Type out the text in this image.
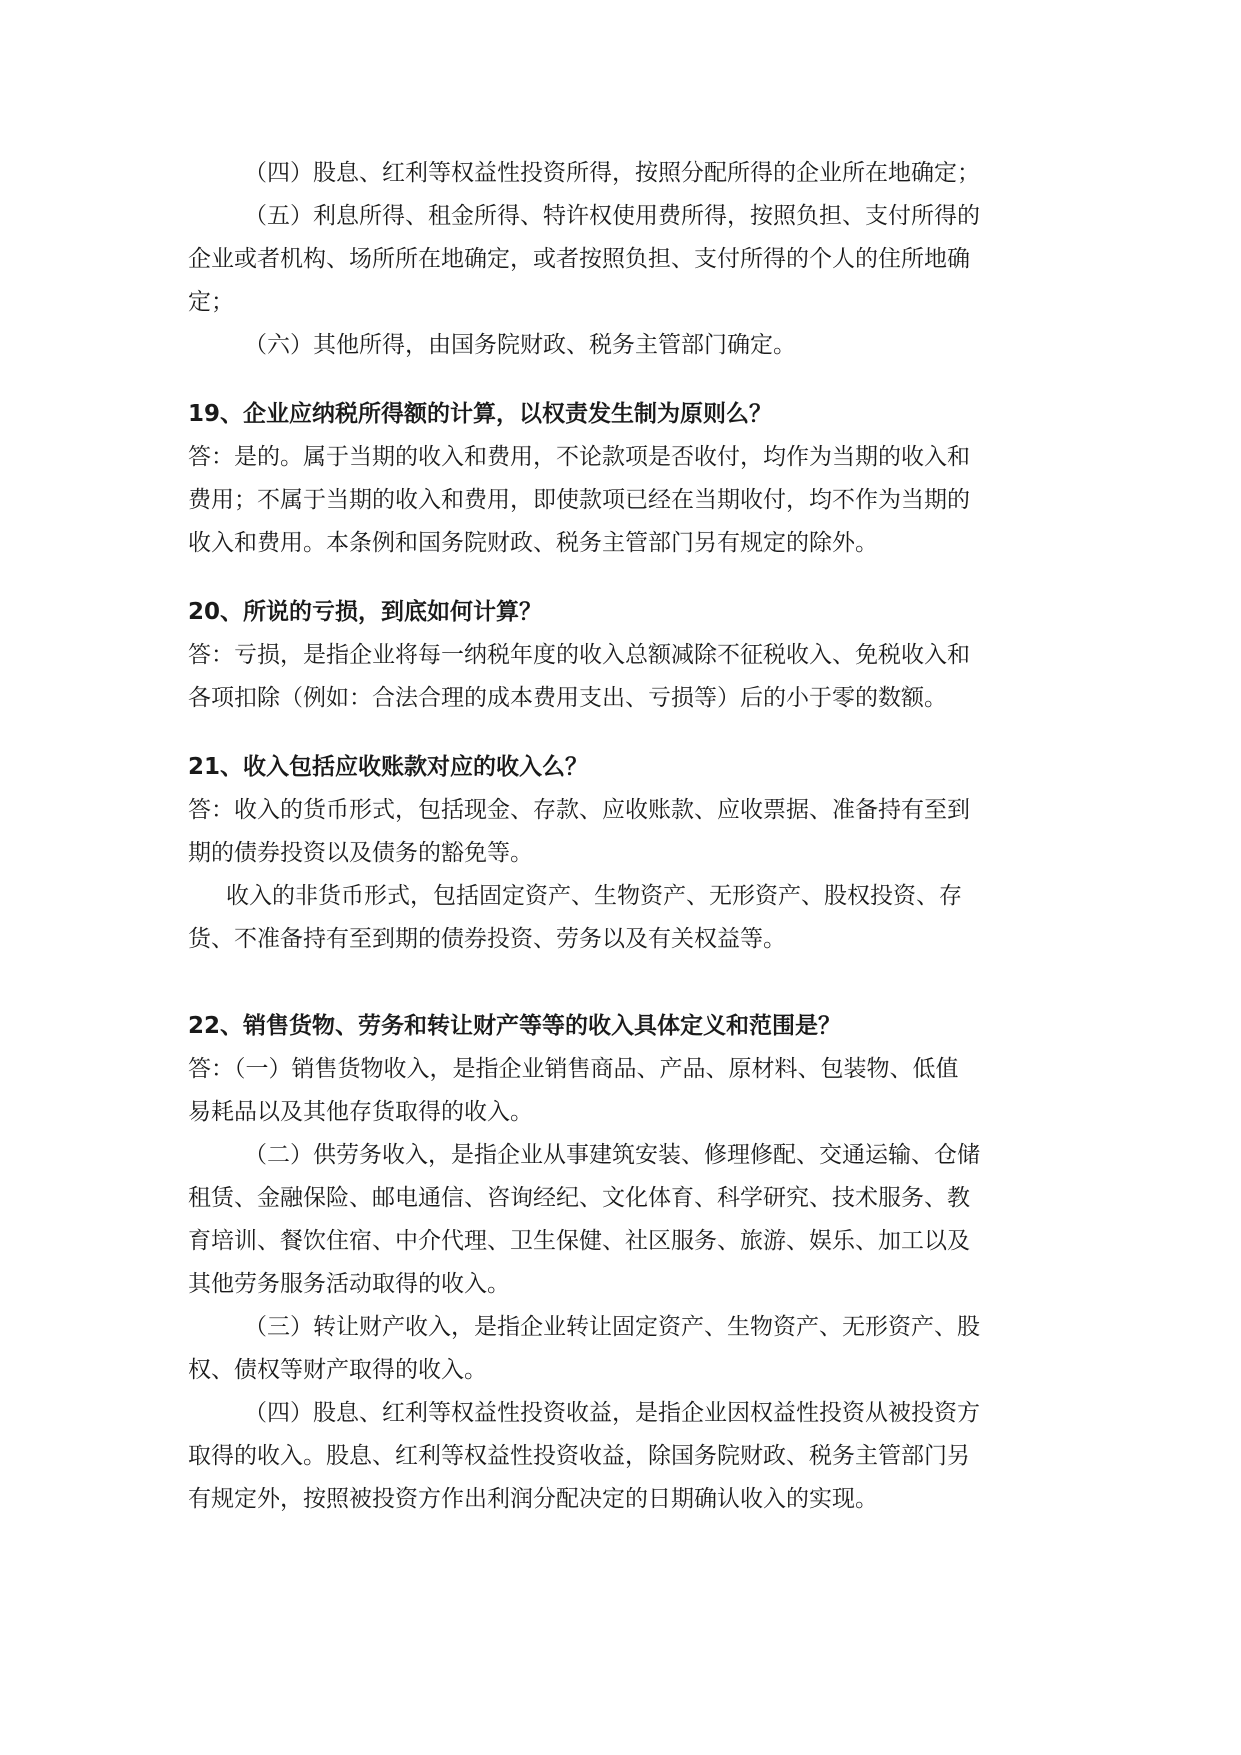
（四）股息、红利等权益性投资所得，按照分配所得的企业所在地确定；
（五）利息所得、租金所得、特许权使用费所得，按照负担、支付所得的
企业或者机构、场所所在地确定，或者按照负担、支付所得的个人的住所地确
定；
（六）其他所得，由国务院财政、税务主管部门确定。
19、企业应纳税所得额的计算，以权责发生制为原则么？
答：是的。属于当期的收入和费用，不论款项是否收付，均作为当期的收入和
费用；不属于当期的收入和费用，即使款项已经在当期收付，均不作为当期的
收入和费用。本条例和国务院财政、税务主管部门另有规定的除外。
20、所说的亏损，到底如何计算？
答：亏损，是指企业将每一纳税年度的收入总额减除不征税收入、免税收入和
各项扣除（例如：合法合理的成本费用支出、亏损等）后的小于零的数额。
21、收入包括应收账款对应的收入么？
答：收入的货币形式，包括现金、存款、应收账款、应收票据、准备持有至到
期的债券投资以及债务的豁免等。
收入的非货币形式，包括固定资产、生物资产、无形资产、股权投资、存
货、不准备持有至到期的债券投资、劳务以及有关权益等。
22、销售货物、劳务和转让财产等等的收入具体定义和范围是？
答：（一）销售货物收入，是指企业销售商品、产品、原材料、包装物、低值
易耗品以及其他存货取得的收入。
（二）供劳务收入，是指企业从事建筑安装、修理修配、交通运输、仓储
租赁、金融保险、邮电通信、咨询经纪、文化体育、科学研究、技术服务、教
育培训、餐饮住宿、中介代理、卫生保健、社区服务、旅游、娱乐、加工以及
其他劳务服务活动取得的收入。
（三）转让财产收入，是指企业转让固定资产、生物资产、无形资产、股
权、债权等财产取得的收入。
（四）股息、红利等权益性投资收益，是指企业因权益性投资从被投资方
取得的收入。股息、红利等权益性投资收益，除国务院财政、税务主管部门另
有规定外，按照被投资方作出利润分配决定的日期确认收入的实现。
